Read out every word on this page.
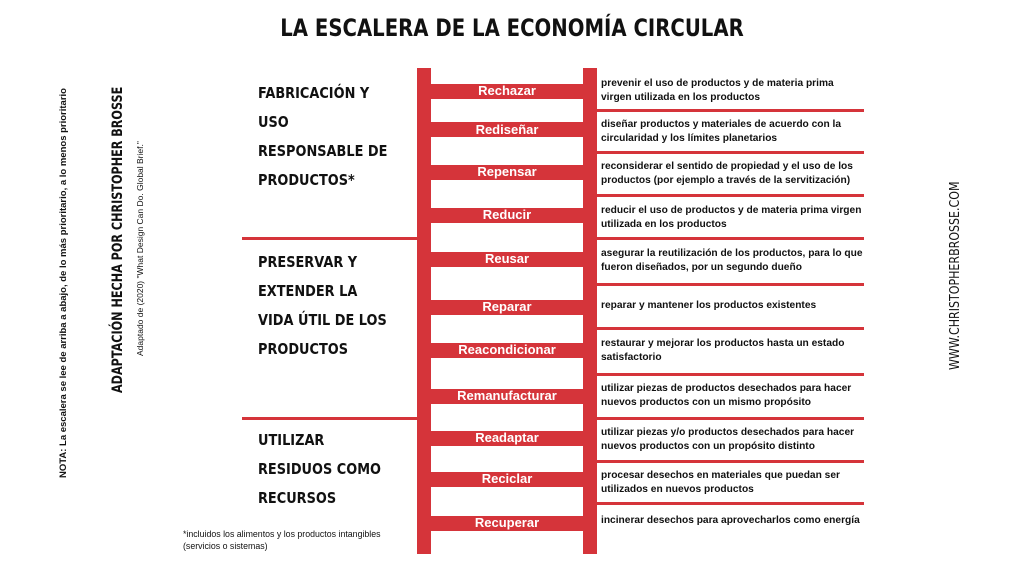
LA ESCALERA DE LA ECONOMÍA CIRCULAR
Rechazar
Rediseñar
Repensar
Reducir
Reusar
Reparar
Reacondicionar
Remanufacturar
Readaptar
Reciclar
Recuperar
prevenir el uso de productos y de materia prima virgen utilizada en los productos
diseñar productos y materiales de acuerdo con la circularidad y los límites planetarios
reconsiderar el sentido de propiedad y el uso de los productos (por ejemplo a través de la servitización)
reducir el uso de productos y de materia prima virgen utilizada en los productos
asegurar la reutilización de los productos, para lo que fueron diseñados, por un segundo dueño
reparar y mantener los productos existentes
restaurar y mejorar los productos hasta un estado satisfactorio
utilizar piezas de productos desechados para hacer nuevos productos con un mismo propósito
utilizar piezas y/o productos desechados para hacer nuevos productos con un propósito distinto
procesar desechos en materiales que puedan ser utilizados en nuevos productos
incinerar desechos para aprovecharlos como energía
FABRICACIÓN Y USO RESPONSABLE DE PRODUCTOS*
PRESERVAR Y EXTENDER LA VIDA ÚTIL DE LOS PRODUCTOS
UTILIZAR RESIDUOS COMO RECURSOS
NOTA: La escalera se lee de arriba a abajo, de lo más prioritario, a lo menos prioritario	ADAPTACIÓN HECHA POR CHRISTOPHER BROSSE Adaptado de (2020) "What Design Can Do. Global Brief."	WWW.CHRISTOPHERBROSSE.COM
*incluidos los alimentos y los productos intangibles (servicios o sistemas)
